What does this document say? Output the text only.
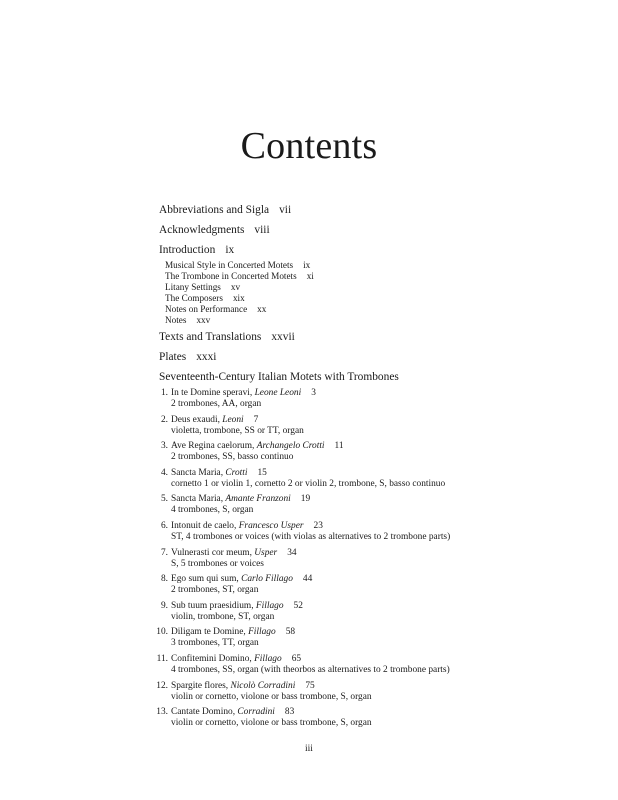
Contents
Abbreviations and Sigla vii
Acknowledgments viii
Introduction ix
Musical Style in Concerted Motets ix
The Trombone in Concerted Motets xi
Litany Settings xv
The Composers xix
Notes on Performance xx
Notes xxv
Texts and Translations xxvii
Plates xxxi
Seventeenth-Century Italian Motets with Trombones
1. In te Domine speravi, Leone Leoni 3
2 trombones, AA, organ
2. Deus exaudi, Leoni 7
violetta, trombone, SS or TT, organ
3. Ave Regina caelorum, Archangelo Crotti 11
2 trombones, SS, basso continuo
4. Sancta Maria, Crotti 15
cornetto 1 or violin 1, cornetto 2 or violin 2, trombone, S, basso continuo
5. Sancta Maria, Amante Franzoni 19
4 trombones, S, organ
6. Intonuit de caelo, Francesco Usper 23
ST, 4 trombones or voices (with violas as alternatives to 2 trombone parts)
7. Vulnerasti cor meum, Usper 34
S, 5 trombones or voices
8. Ego sum qui sum, Carlo Fillago 44
2 trombones, ST, organ
9. Sub tuum praesidium, Fillago 52
violin, trombone, ST, organ
10. Diligam te Domine, Fillago 58
3 trombones, TT, organ
11. Confitemini Domino, Fillago 65
4 trombones, SS, organ (with theorbos as alternatives to 2 trombone parts)
12. Spargite flores, Nicolò Corradini 75
violin or cornetto, violone or bass trombone, S, organ
13. Cantate Domino, Corradini 83
violin or cornetto, violone or bass trombone, S, organ
iii
